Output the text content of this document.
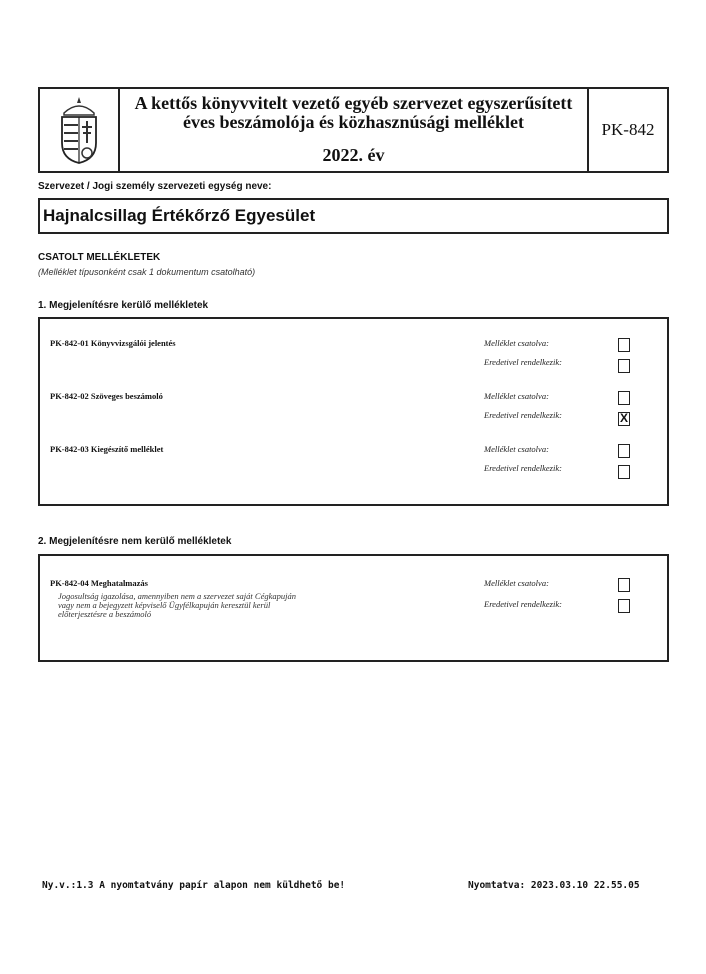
A kettős könyvvitelt vezető egyéb szervezet egyszerűsített
éves beszámolója és közhasznúsági melléklet
2022. év
PK-842
Szervezet / Jogi személy szervezeti egység neve:
Hajnalcsillag Értékőrző Egyesület
CSATOLT MELLÉKLETEK
(Melléklet típusonként csak 1 dokumentum csatolható)
1. Megjelenítésre kerülő mellékletek
PK-842-01 Könyvvizsgálói jelentés	Melléklet csatolva:
Eredetivel rendelkezik:
PK-842-02 Szöveges beszámoló	Melléklet csatolva:
Eredetivel rendelkezik:	X
PK-842-03 Kiegészítő melléklet	Melléklet csatolva:
Eredetivel rendelkezik:
2. Megjelenítésre nem kerülő mellékletek
PK-842-04 Meghatalmazás
Jogosultság igazolása, amennyiben nem a szervezet saját Cégkapuján
vagy nem a bejegyzett képviselő Ügyfélkapuján keresztül kerül
előterjesztésre a beszámoló
Melléklet csatolva:
Eredetivel rendelkezik:
Ny.v.:1.3 A nyomtatvány papír alapon nem küldhető be!	Nyomtatva: 2023.03.10 22.55.05
